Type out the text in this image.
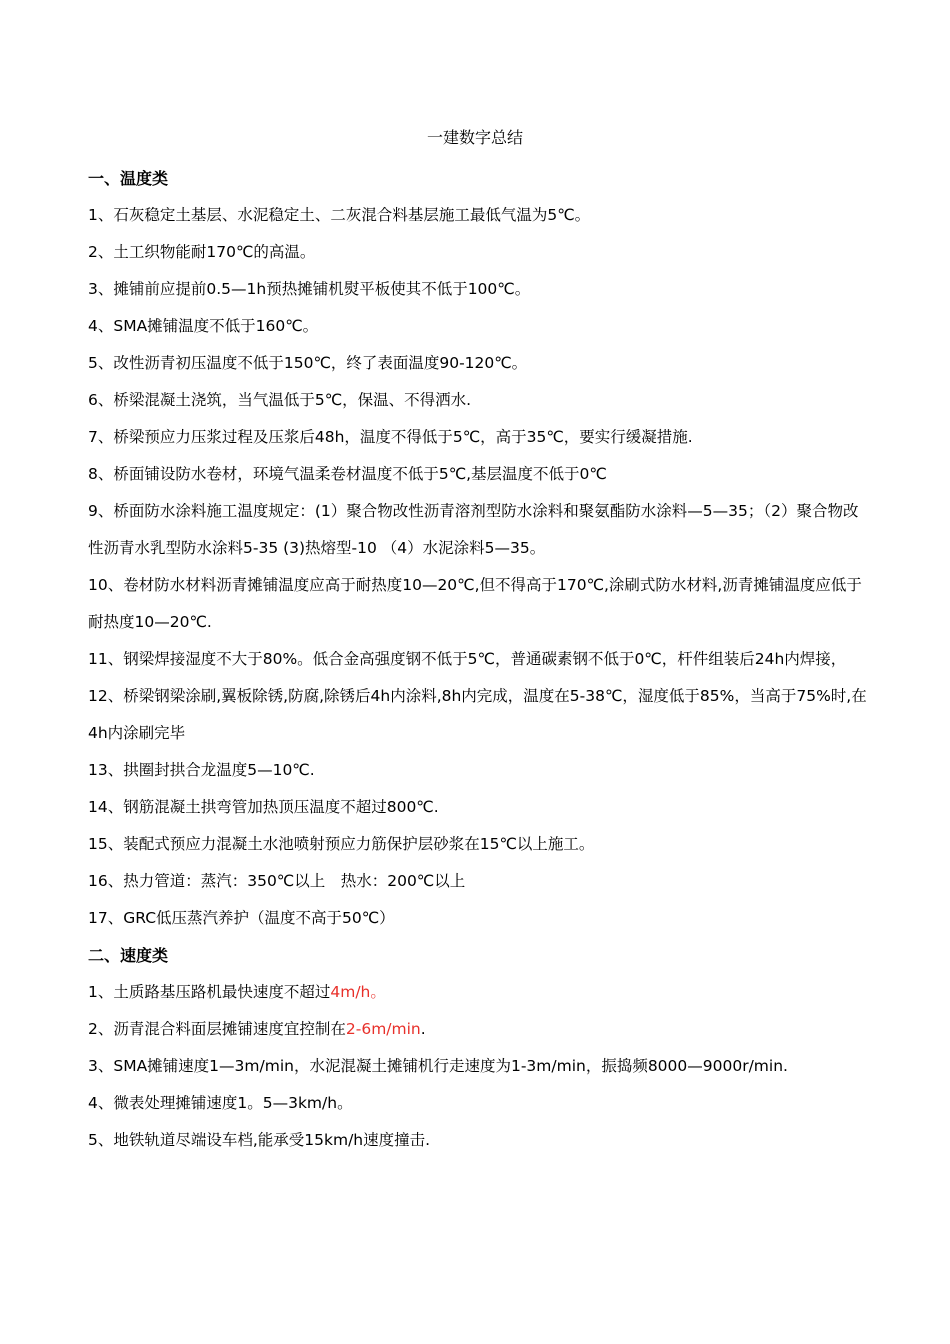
一建数字总结

一、温度类

1、石灰稳定土基层、水泥稳定土、二灰混合料基层施工最低气温为5℃。

2、土工织物能耐170℃的高温。

3、摊铺前应提前0.5—1h预热摊铺机熨平板使其不低于100℃。

4、SMA摊铺温度不低于160℃。

5、改性沥青初压温度不低于150℃，终了表面温度90-120℃。

6、桥梁混凝土浇筑，当气温低于5℃，保温、不得洒水.

7、桥梁预应力压浆过程及压浆后48h，温度不得低于5℃，高于35℃，要实行缓凝措施.

8、桥面铺设防水卷材，环境气温柔卷材温度不低于5℃,基层温度不低于0℃

9、桥面防水涂料施工温度规定：(1）聚合物改性沥青溶剂型防水涂料和聚氨酯防水涂料—5—35；（2）聚合物改性沥青水乳型防水涂料5-35 (3)热熔型-10 （4）水泥涂料5—35。

10、卷材防水材料沥青摊铺温度应高于耐热度10—20℃,但不得高于170℃,涂刷式防水材料,沥青摊铺温度应低于耐热度10—20℃.

11、钢梁焊接湿度不大于80%。低合金高强度钢不低于5℃，普通碳素钢不低于0℃，杆件组装后24h内焊接，

12、桥梁钢梁涂刷,翼板除锈,防腐,除锈后4h内涂料,8h内完成，温度在5-38℃，湿度低于85%，当高于75%时,在4h内涂刷完毕

13、拱圈封拱合龙温度5—10℃.

14、钢筋混凝土拱弯管加热顶压温度不超过800℃.

15、装配式预应力混凝土水池喷射预应力筋保护层砂浆在15℃以上施工。

16、热力管道：蒸汽：350℃以上　热水：200℃以上

17、GRC低压蒸汽养护（温度不高于50℃）

二、速度类

1、土质路基压路机最快速度不超过4m/h。

2、沥青混合料面层摊铺速度宜控制在2-6m/min.

3、SMA摊铺速度1—3m/min，水泥混凝土摊铺机行走速度为1-3m/min，振捣频8000—9000r/min.

4、微表处理摊铺速度1。5—3km/h。

5、地铁轨道尽端设车档,能承受15km/h速度撞击.
